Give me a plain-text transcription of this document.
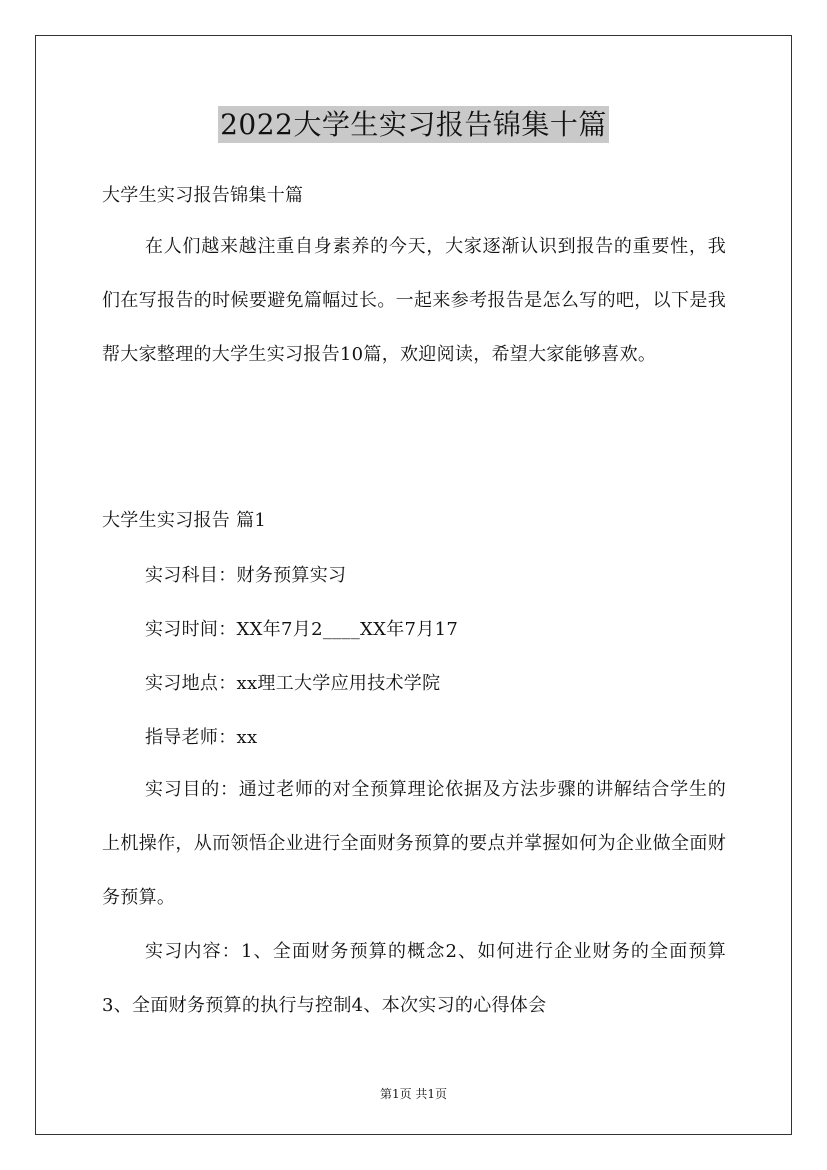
2022大学生实习报告锦集十篇
大学生实习报告锦集十篇
在人们越来越注重自身素养的今天，大家逐渐认识到报告的重要性，我们在写报告的时候要避免篇幅过长。一起来参考报告是怎么写的吧，以下是我帮大家整理的大学生实习报告10篇，欢迎阅读，希望大家能够喜欢。
大学生实习报告 篇1
实习科目：财务预算实习
实习时间：XX年7月2____XX年7月17
实习地点：xx理工大学应用技术学院
指导老师：xx
实习目的：通过老师的对全预算理论依据及方法步骤的讲解结合学生的上机操作，从而领悟企业进行全面财务预算的要点并掌握如何为企业做全面财务预算。
实习内容：1、全面财务预算的概念2、如何进行企业财务的全面预算3、全面财务预算的执行与控制4、本次实习的心得体会
第1页 共1页
